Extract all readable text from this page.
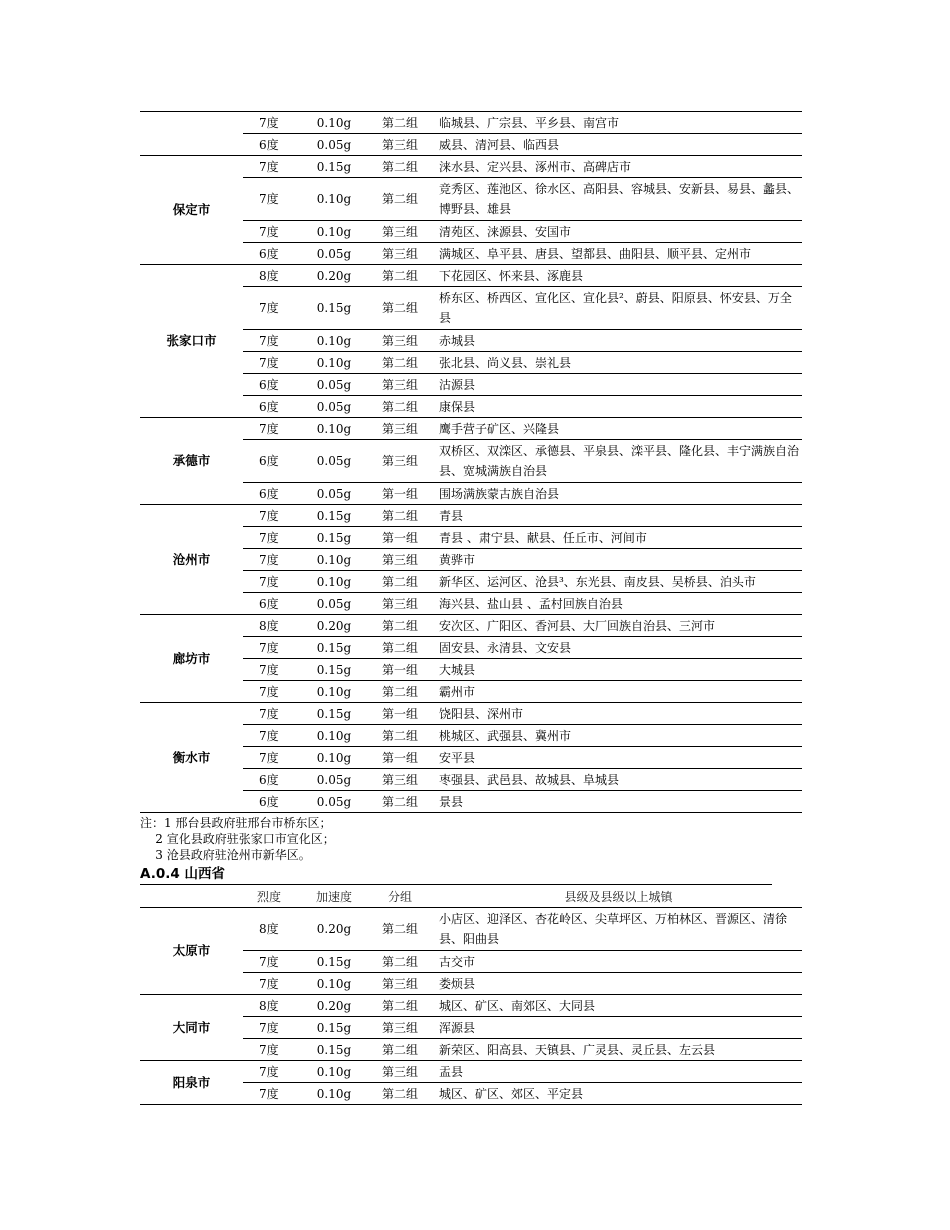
	7度	0.10g	第二组	临城县、广宗县、平乡县、南宫市
	6度	0.05g	第三组	威县、清河县、临西县
保定市	7度	0.15g	第二组	涞水县、定兴县、涿州市、高碑店市
	7度	0.10g	第二组	竞秀区、莲池区、徐水区、高阳县、容城县、安新县、易县、蠡县、博野县、雄县
	7度	0.10g	第三组	清苑区、涞源县、安国市
	6度	0.05g	第三组	满城区、阜平县、唐县、望都县、曲阳县、顺平县、定州市
张家口市	8度	0.20g	第二组	下花园区、怀来县、涿鹿县
	7度	0.15g	第二组	桥东区、桥西区、宣化区、宣化县²、蔚县、阳原县、怀安县、万全县
	7度	0.10g	第三组	赤城县
	7度	0.10g	第二组	张北县、尚义县、崇礼县
	6度	0.05g	第三组	沽源县
	6度	0.05g	第二组	康保县
承德市	7度	0.10g	第三组	鹰手营子矿区、兴隆县
	6度	0.05g	第三组	双桥区、双滦区、承德县、平泉县、滦平县、隆化县、丰宁满族自治县、宽城满族自治县
	6度	0.05g	第一组	围场满族蒙古族自治县
沧州市	7度	0.15g	第二组	青县
	7度	0.15g	第一组	青县 、肃宁县、献县、任丘市、河间市
	7度	0.10g	第三组	黄骅市
	7度	0.10g	第二组	新华区、运河区、沧县³、东光县、南皮县、吴桥县、泊头市
	6度	0.05g	第三组	海兴县、盐山县 、孟村回族自治县
廊坊市	8度	0.20g	第二组	安次区、广阳区、香河县、大厂回族自治县、三河市
	7度	0.15g	第二组	固安县、永清县、文安县
	7度	0.15g	第一组	大城县
	7度	0.10g	第二组	霸州市
衡水市	7度	0.15g	第一组	饶阳县、深州市
	7度	0.10g	第二组	桃城区、武强县、冀州市
	7度	0.10g	第一组	安平县
	6度	0.05g	第三组	枣强县、武邑县、故城县、阜城县
	6度	0.05g	第二组	景县
注：1 邢台县政府驻邢台市桥东区；
2 宣化县政府驻张家口市宣化区；
3 沧县政府驻沧州市新华区。
A.0.4 山西省
	烈度	加速度	分组	县级及县级以上城镇
太原市	8度	0.20g	第二组	小店区、迎泽区、杏花岭区、尖草坪区、万柏林区、晋源区、清徐县、阳曲县
	7度	0.15g	第二组	古交市
	7度	0.10g	第三组	娄烦县
大同市	8度	0.20g	第二组	城区、矿区、南郊区、大同县
	7度	0.15g	第三组	浑源县
	7度	0.15g	第二组	新荣区、阳高县、天镇县、广灵县、灵丘县、左云县
阳泉市	7度	0.10g	第三组	盂县
	7度	0.10g	第二组	城区、矿区、郊区、平定县
